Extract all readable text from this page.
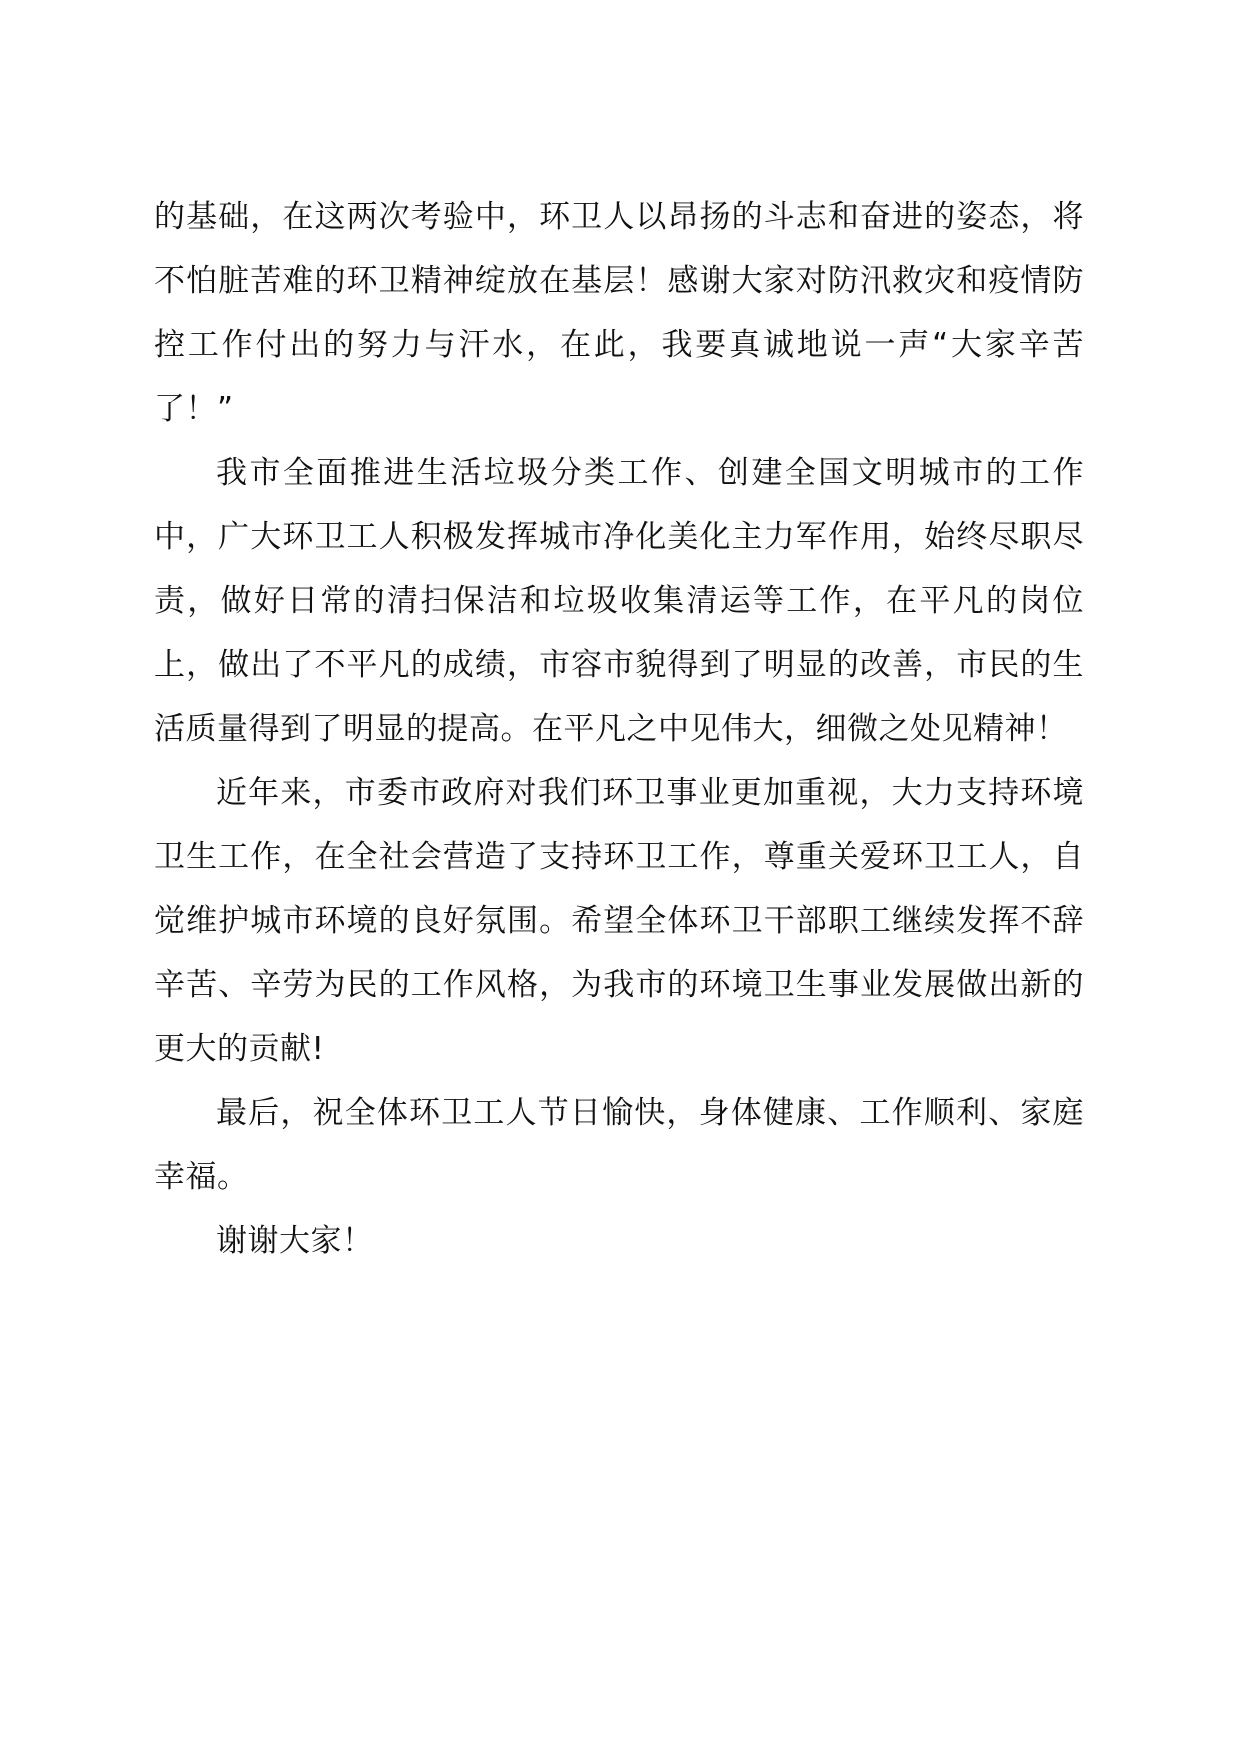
的基础，在这两次考验中，环卫人以昂扬的斗志和奋进的姿态，将不怕脏苦难的环卫精神绽放在基层！感谢大家对防汛救灾和疫情防控工作付出的努力与汗水，在此，我要真诚地说一声“大家辛苦了！”

我市全面推进生活垃圾分类工作、创建全国文明城市的工作中，广大环卫工人积极发挥城市净化美化主力军作用，始终尽职尽责，做好日常的清扫保洁和垃圾收集清运等工作，在平凡的岗位上，做出了不平凡的成绩，市容市貌得到了明显的改善，市民的生活质量得到了明显的提高。在平凡之中见伟大，细微之处见精神！

近年来，市委市政府对我们环卫事业更加重视，大力支持环境卫生工作，在全社会营造了支持环卫工作，尊重关爱环卫工人，自觉维护城市环境的良好氛围。希望全体环卫干部职工继续发挥不辞辛苦、辛劳为民的工作风格，为我市的环境卫生事业发展做出新的更大的贡献!

最后，祝全体环卫工人节日愉快，身体健康、工作顺利、家庭幸福。

谢谢大家！
